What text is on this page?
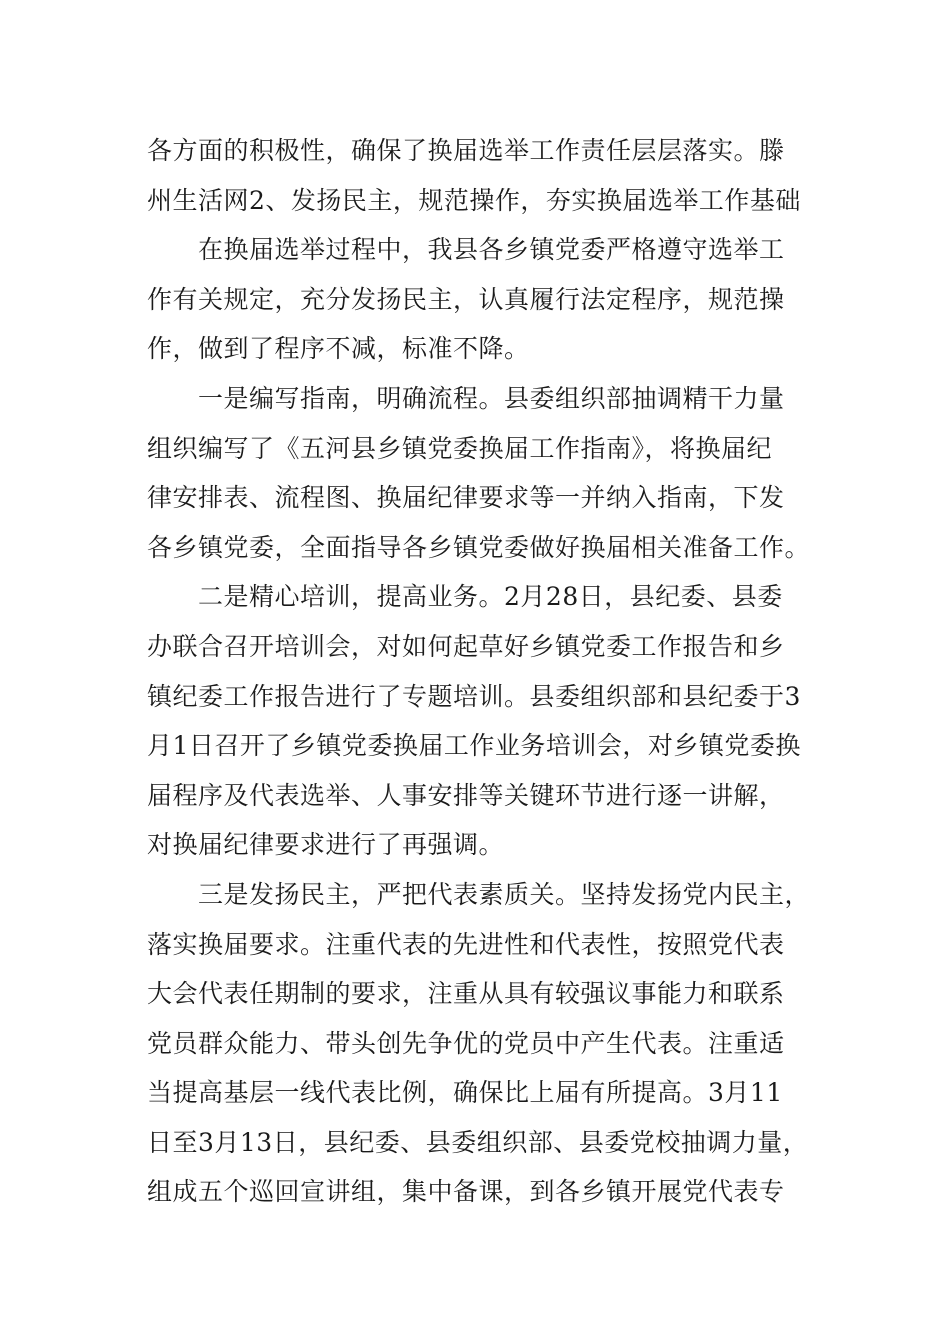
各方面的积极性，确保了换届选举工作责任层层落实。滕
州生活网2、发扬民主，规范操作，夯实换届选举工作基础
在换届选举过程中，我县各乡镇党委严格遵守选举工
作有关规定，充分发扬民主，认真履行法定程序，规范操
作，做到了程序不减，标准不降。
一是编写指南，明确流程。县委组织部抽调精干力量
组织编写了《五河县乡镇党委换届工作指南》，将换届纪
律安排表、流程图、换届纪律要求等一并纳入指南，下发
各乡镇党委，全面指导各乡镇党委做好换届相关准备工作。
二是精心培训，提高业务。2月28日，县纪委、县委
办联合召开培训会，对如何起草好乡镇党委工作报告和乡
镇纪委工作报告进行了专题培训。县委组织部和县纪委于3
月1日召开了乡镇党委换届工作业务培训会，对乡镇党委换
届程序及代表选举、人事安排等关键环节进行逐一讲解，
对换届纪律要求进行了再强调。
三是发扬民主，严把代表素质关。坚持发扬党内民主，
落实换届要求。注重代表的先进性和代表性，按照党代表
大会代表任期制的要求，注重从具有较强议事能力和联系
党员群众能力、带头创先争优的党员中产生代表。注重适
当提高基层一线代表比例，确保比上届有所提高。3月11
日至3月13日，县纪委、县委组织部、县委党校抽调力量，
组成五个巡回宣讲组，集中备课，到各乡镇开展党代表专
